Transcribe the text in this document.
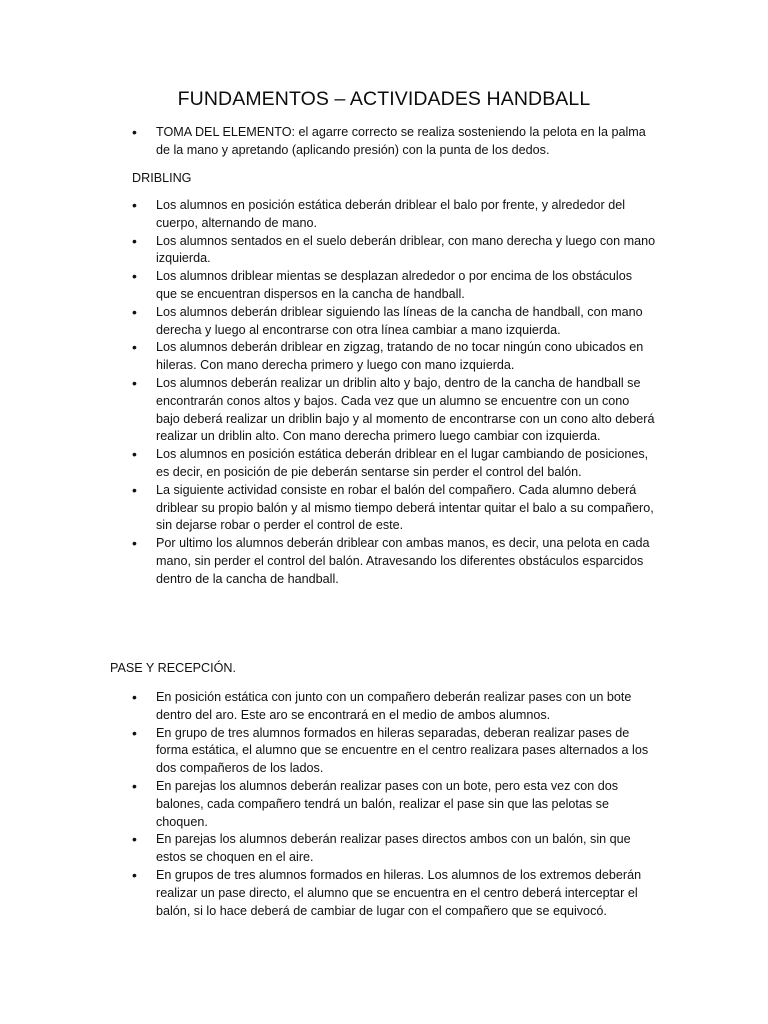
FUNDAMENTOS – ACTIVIDADES HANDBALL
• TOMA DEL ELEMENTO: el agarre correcto se realiza sosteniendo la pelota en la palma de la mano y apretando (aplicando presión) con la punta de los dedos.
DRIBLING
• Los alumnos en posición estática deberán driblear el balo por frente, y alrededor del cuerpo, alternando de mano.
• Los alumnos sentados en el suelo deberán driblear, con mano derecha y luego con mano izquierda.
• Los alumnos driblear mientas se desplazan alrededor o por encima de los obstáculos que se encuentran dispersos en la cancha de handball.
• Los alumnos deberán driblear siguiendo las líneas de la cancha de handball, con mano derecha y luego al encontrarse con otra línea cambiar a mano izquierda.
• Los alumnos deberán driblear en zigzag, tratando de no tocar ningún cono ubicados en hileras. Con mano derecha primero y luego con mano izquierda.
• Los alumnos deberán realizar un driblin alto y bajo, dentro de la cancha de handball se encontrarán conos altos y bajos. Cada vez que un alumno se encuentre con un cono bajo deberá realizar un driblin bajo y al momento de encontrarse con un cono alto deberá realizar un driblin alto. Con mano derecha primero luego cambiar con izquierda.
• Los alumnos en posición estática deberán driblear en el lugar cambiando de posiciones, es decir, en posición de pie deberán sentarse sin perder el control del balón.
• La siguiente actividad consiste en robar el balón del compañero. Cada alumno deberá driblear su propio balón y al mismo tiempo deberá intentar quitar el balo a su compañero, sin dejarse robar o perder el control de este.
• Por ultimo los alumnos deberán driblear con ambas manos, es decir, una pelota en cada mano, sin perder el control del balón. Atravesando los diferentes obstáculos esparcidos dentro de la cancha de handball.
PASE Y RECEPCIÓN.
• En posición estática con junto con un compañero deberán realizar pases con un bote dentro del aro. Este aro se encontrará en el medio de ambos alumnos.
• En grupo de tres alumnos formados en hileras separadas, deberan realizar pases de forma estática, el alumno que se encuentre en el centro realizara pases alternados a los dos compañeros de los lados.
• En parejas los alumnos deberán realizar pases con un bote, pero esta vez con dos balones, cada compañero tendrá un balón, realizar el pase sin que las pelotas se choquen.
• En parejas los alumnos deberán realizar pases directos ambos con un balón, sin que estos se choquen en el aire.
• En grupos de tres alumnos formados en hileras. Los alumnos de los extremos deberán realizar un pase directo, el alumno que se encuentra en el centro deberá interceptar el balón, si lo hace deberá de cambiar de lugar con el compañero que se equivocó.
